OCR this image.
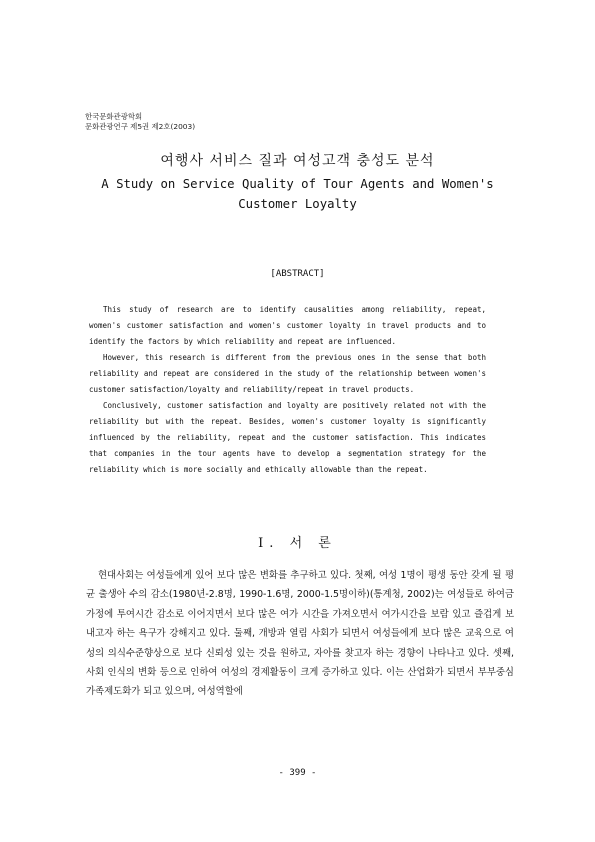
한국문화관광학회
문화관광연구 제5권 제2호(2003)
여행사 서비스 질과 여성고객 충성도 분석
A Study on Service Quality of Tour Agents and Women's
Customer Loyalty
[ABSTRACT]

This study of research are to identify causalities among reliability, repeat, women's customer satisfaction and women's customer loyalty in travel products and to identify the factors by which reliability and repeat are influenced.

However, this research is different from the previous ones in the sense that both reliability and repeat are considered in the study of the relationship between women's customer satisfaction/loyalty and reliability/repeat in travel products.

Conclusively, customer satisfaction and loyalty are positively related not with the reliability but with the repeat. Besides, women's customer loyalty is significantly influenced by the reliability, repeat and the customer satisfaction. This indicates that companies in the tour agents have to develop a segmentation strategy for the reliability which is more socially and ethically allowable than the repeat.

Ⅰ. 서 론

현대사회는 여성들에게 있어 보다 많은 변화를 추구하고 있다. 첫째, 여성 1명이 평생 동안 갖게 될 평균 출생아 수의 감소(1980년-2.8명, 1990-1.6명, 2000-1.5명이하)(통계청, 2002)는 여성들로 하여금 가정에 투여시간 감소로 이어지면서 보다 많은 여가 시간을 가져오면서 여가시간을 보람 있고 즐겁게 보내고자 하는 욕구가 강해지고 있다. 둘째, 개방과 열림 사회가 되면서 여성들에게 보다 많은 교육으로 여성의 의식수준향상으로 보다 신뢰성 있는 것을 원하고, 자아를 찾고자 하는 경향이 나타나고 있다. 셋째, 사회 인식의 변화 등으로 인하여 여성의 경제활동이 크게 증가하고 있다. 이는 산업화가 되면서 부부중심가족제도화가 되고 있으며, 여성역할에

- 399 -
